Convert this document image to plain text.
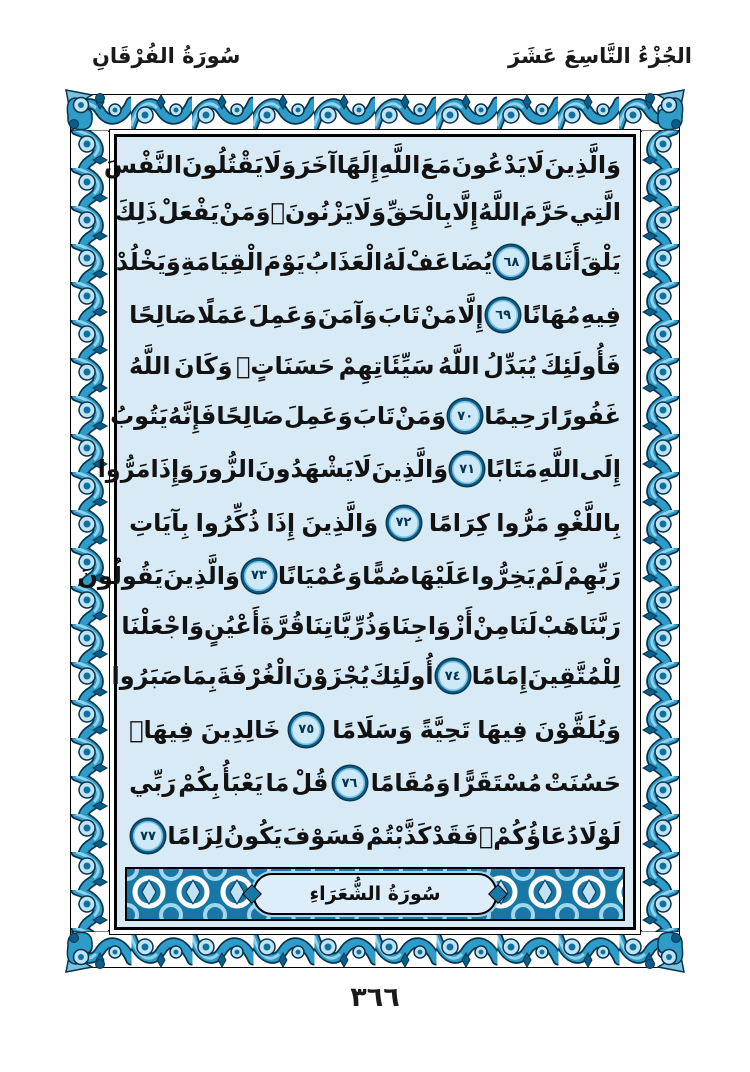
الجُزْءُ التَّاسِعَ عَشَرَ
سُورَةُ الفُرْقَانِ
وَالَّذِينَ
لَا
يَدْعُونَ
مَعَ
اللَّهِ
إِلَهًا
آخَرَ
وَلَا
يَقْتُلُونَ
النَّفْسَ
الَّتِي
حَرَّمَ
اللَّهُ
إِلَّا
بِالْحَقِّ
وَلَا
يَزْنُونَۚ
وَمَنْ
يَفْعَلْ
ذَلِكَ
يَلْقَ
أَثَامًا
٦٨
يُضَاعَفْ
لَهُ
الْعَذَابُ
يَوْمَ
الْقِيَامَةِ
وَيَخْلُدْ
فِيهِ
مُهَانًا
٦٩
إِلَّا
مَنْ
تَابَ
وَآمَنَ
وَعَمِلَ
عَمَلًا
صَالِحًا
فَأُولَئِكَ
يُبَدِّلُ
اللَّهُ
سَيِّئَاتِهِمْ
حَسَنَاتٍۗ
وَكَانَ
اللَّهُ
غَفُورًا
رَحِيمًا
٧٠
وَمَنْ
تَابَ
وَعَمِلَ
صَالِحًا
فَإِنَّهُ
يَتُوبُ
إِلَى
اللَّهِ
مَتَابًا
٧١
وَالَّذِينَ
لَا
يَشْهَدُونَ
الزُّورَ
وَإِذَا
مَرُّوا
بِاللَّغْوِ
مَرُّوا
كِرَامًا
٧٢
وَالَّذِينَ
إِذَا
ذُكِّرُوا
بِآيَاتِ
رَبِّهِمْ
لَمْ
يَخِرُّوا
عَلَيْهَا
صُمًّا
وَعُمْيَانًا
٧٣
وَالَّذِينَ
يَقُولُونَ
رَبَّنَا
هَبْ
لَنَا
مِنْ
أَزْوَاجِنَا
وَذُرِّيَّاتِنَا
قُرَّةَ
أَعْيُنٍ
وَاجْعَلْنَا
لِلْمُتَّقِينَ
إِمَامًا
٧٤
أُولَئِكَ
يُجْزَوْنَ
الْغُرْفَةَ
بِمَا
صَبَرُوا
وَيُلَقَّوْنَ
فِيهَا
تَحِيَّةً
وَسَلَامًا
٧٥
خَالِدِينَ
فِيهَاۚ
حَسُنَتْ
مُسْتَقَرًّا
وَمُقَامًا
٧٦
قُلْ
مَا
يَعْبَأُ
بِكُمْ
رَبِّي
لَوْلَا
دُعَاؤُكُمْۖ
فَقَدْ
كَذَّبْتُمْ
فَسَوْفَ
يَكُونُ
لِزَامًا
٧٧
سُورَةُ الشُّعَرَاءِ
٣٦٦
